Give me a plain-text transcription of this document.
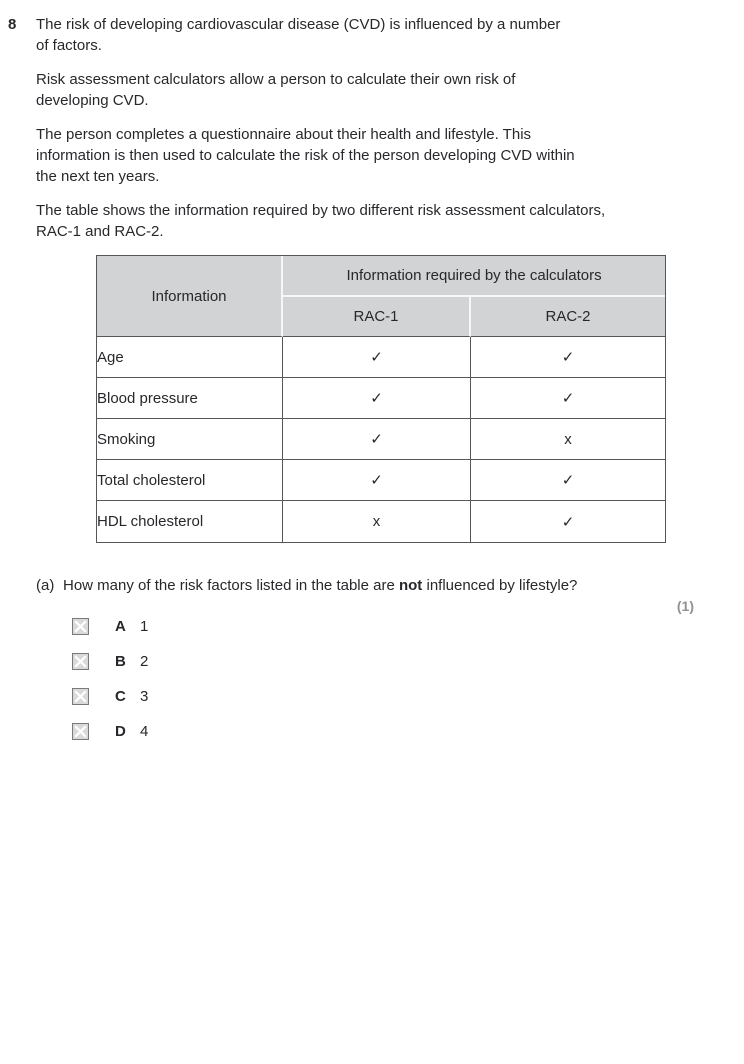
8 The risk of developing cardiovascular disease (CVD) is influenced by a number
of factors.
Risk assessment calculators allow a person to calculate their own risk of
developing CVD.
The person completes a questionnaire about their health and lifestyle. This
information is then used to calculate the risk of the person developing CVD within
the next ten years.
The table shows the information required by two different risk assessment calculators,
RAC-1 and RAC-2.
Information	Information required by the calculators	
	RAC-1	RAC-2
Age	✓	✓
Blood pressure	✓	✓
Smoking	✓	x
Total cholesterol	✓	✓
HDL cholesterol	x	✓
(a) How many of the risk factors listed in the table are not influenced by lifestyle?
(1)
A 1
B 2
C 3
D 4
